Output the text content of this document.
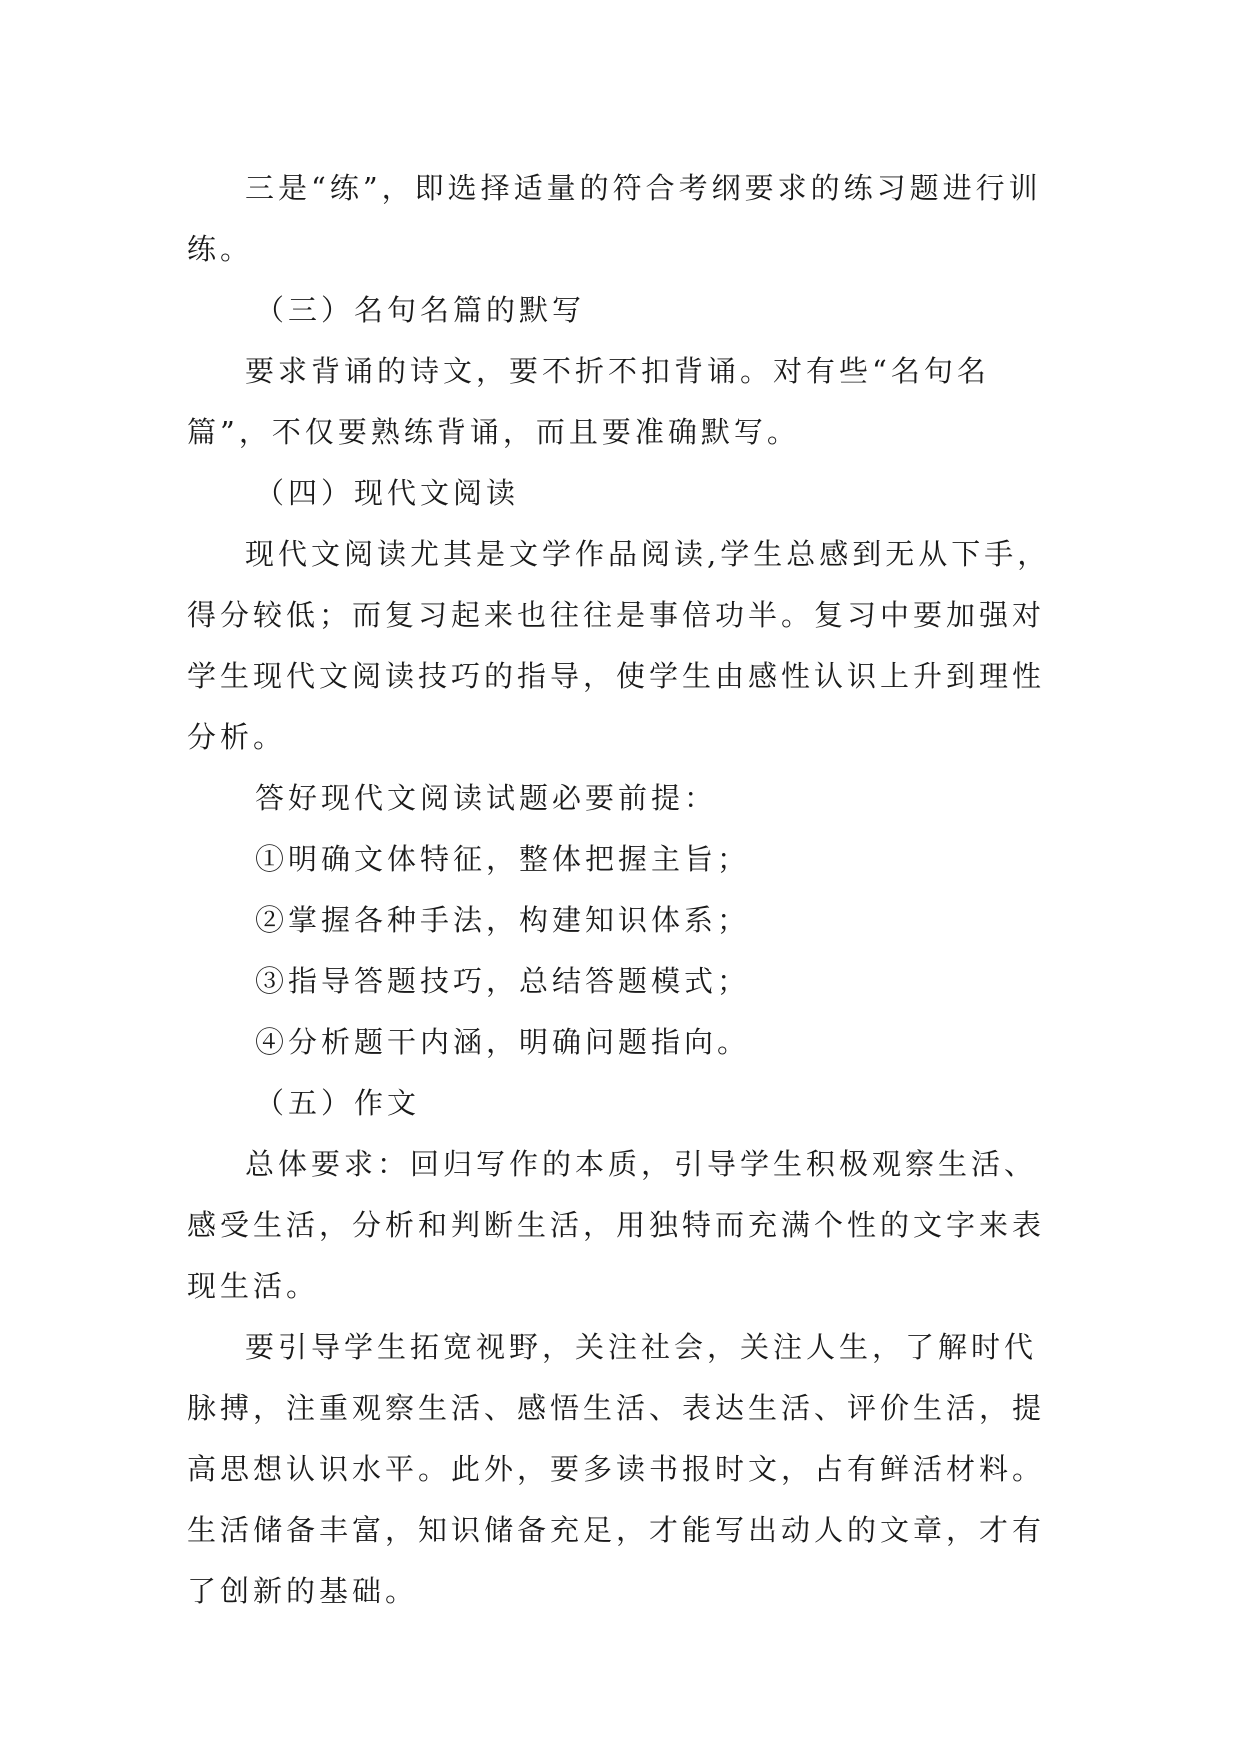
三是“练”，即选择适量的符合考纲要求的练习题进行训练。

（三）名句名篇的默写

要求背诵的诗文，要不折不扣背诵。对有些“名句名篇”，不仅要熟练背诵，而且要准确默写。

（四）现代文阅读

现代文阅读尤其是文学作品阅读,学生总感到无从下手，得分较低；而复习起来也往往是事倍功半。复习中要加强对学生现代文阅读技巧的指导，使学生由感性认识上升到理性分析。

答好现代文阅读试题必要前提：

①明确文体特征，整体把握主旨；

②掌握各种手法，构建知识体系；

③指导答题技巧，总结答题模式；

④分析题干内涵，明确问题指向。

（五）作文

总体要求：回归写作的本质，引导学生积极观察生活、感受生活，分析和判断生活，用独特而充满个性的文字来表现生活。

要引导学生拓宽视野，关注社会，关注人生，了解时代脉搏，注重观察生活、感悟生活、表达生活、评价生活，提高思想认识水平。此外，要多读书报时文，占有鲜活材料。生活储备丰富，知识储备充足，才能写出动人的文章，才有了创新的基础。
